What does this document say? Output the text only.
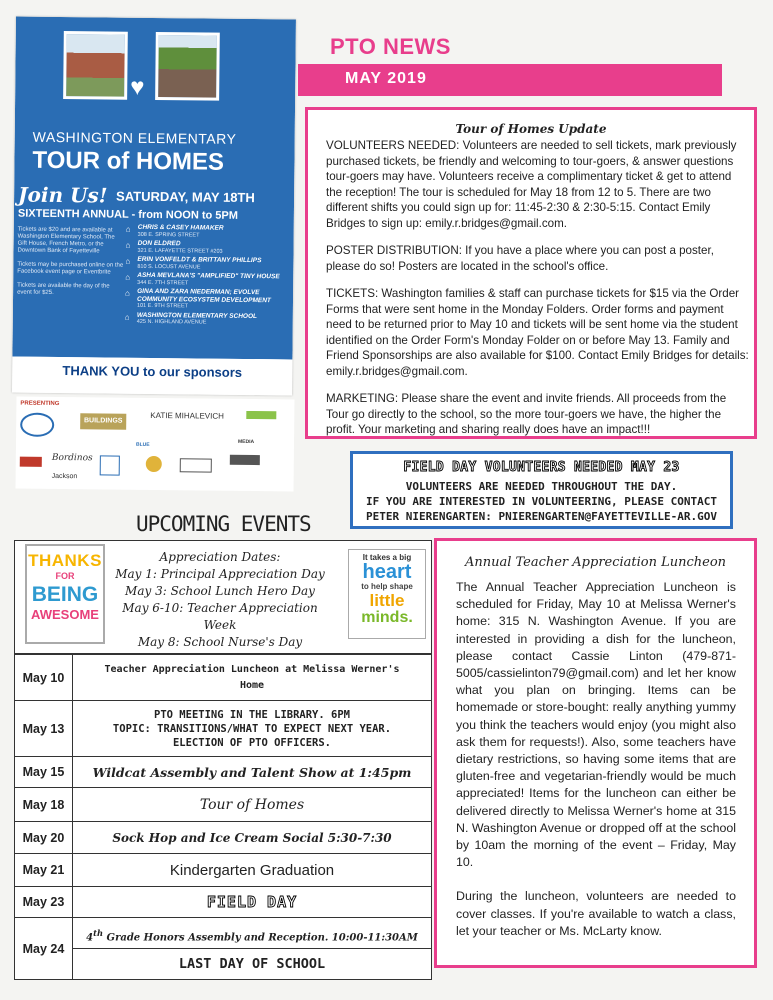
♥
WASHINGTON ELEMENTARY
TOUR of HOMES
Join Us! SATURDAY, MAY 18TH
SIXTEENTH ANNUAL - from NOON to 5PM
Tickets are $20 and are available at Washington Elementary School, The Gift House, French Metro, or the Downtown Bank of Fayetteville
Tickets may be purchased online on the Facebook event page or Eventbrite
Tickets are available the day of the event for $25.
⌂ CHRIS & CASEY HAMAKER
308 E. SPRING STREET
⌂ DON ELDRED
321 E. LAFAYETTE STREET #203
⌂ ERIN VONFELDT & BRITTANY PHILLIPS
810 S. LOCUST AVENUE
⌂ ASHA MEVLANA'S "AMPLIFIED" TINY HOUSE
344 E. 7TH STREET
⌂ GINA AND ZARA NIEDERMAN; EVOLVE COMMUNITY ECOSYSTEM DEVELOPMENT
101 E. 9TH STREET
⌂ WASHINGTON ELEMENTARY SCHOOL
425 N. HIGHLAND AVENUE
THANK YOU to our sponsors
PRESENTING
BUILDINGS
KATIE MIHALEVICH
BLUE	MEDIA
Bordinos
Jackson
PTO NEWS
MAY 2019
Tour of Homes Update

VOLUNTEERS NEEDED: Volunteers are needed to sell tickets, mark previously purchased tickets, be friendly and welcoming to tour-goers, & answer questions tour-goers may have. Volunteers receive a complimentary ticket & get to attend the reception! The tour is scheduled for May 18 from 12 to 5. There are two different shifts you could sign up for: 11:45-2:30 & 2:30-5:15. Contact Emily Bridges to sign up: emily.r.bridges@gmail.com.

POSTER DISTRIBUTION: If you have a place where you can post a poster, please do so! Posters are located in the school's office.

TICKETS: Washington families & staff can purchase tickets for $15 via the Order Forms that were sent home in the Monday Folders. Order forms and payment need to be returned prior to May 10 and tickets will be sent home via the student identified on the Order Form's Monday Folder on or before May 13. Family and Friend Sponsorships are also available for $100. Contact Emily Bridges for details: emily.r.bridges@gmail.com.

MARKETING: Please share the event and invite friends. All proceeds from the Tour go directly to the school, so the more tour-goers we have, the higher the profit. Your marketing and sharing really does have an impact!!!

FIELD DAY VOLUNTEERS NEEDED MAY 23
VOLUNTEERS ARE NEEDED THROUGHOUT THE DAY.
IF YOU ARE INTERESTED IN VOLUNTEERING, PLEASE CONTACT
PETER NIERENGARTEN: PNIERENGARTEN@FAYETTEVILLE-AR.GOV
UPCOMING EVENTS
THANKS
FOR
BEING
AWESOME
Appreciation Dates:
May 1: Principal Appreciation Day
May 3: School Lunch Hero Day
May 6-10: Teacher Appreciation Week
May 8: School Nurse's Day
It takes a big
heart
to help shape
little
minds.
May 10	Teacher Appreciation Luncheon at Melissa Werner's Home
May 13	PTO MEETING IN THE LIBRARY. 6PM
TOPIC: TRANSITIONS/WHAT TO EXPECT NEXT YEAR.
ELECTION OF PTO OFFICERS.

May 15	Wildcat Assembly and Talent Show at 1:45pm
May 18	Tour of Homes
May 20	Sock Hop and Ice Cream Social 5:30-7:30
May 21	Kindergarten Graduation
May 23	FIELD DAY
May 24	4th Grade Honors Assembly and Reception. 10:00-11:30AM
LAST DAY OF SCHOOL
Annual Teacher Appreciation Luncheon

The Annual Teacher Appreciation Luncheon is scheduled for Friday, May 10 at Melissa Werner's home: 315 N. Washington Avenue. If you are interested in providing a dish for the luncheon, please contact Cassie Linton (479-871-5005/cassielinton79@gmail.com) and let her know what you plan on bringing. Items can be homemade or store-bought: really anything yummy you think the teachers would enjoy (you might also ask them for requests!). Also, some teachers have dietary restrictions, so having some items that are gluten-free and vegetarian-friendly would be much appreciated! Items for the luncheon can either be delivered directly to Melissa Werner's home at 315 N. Washington Avenue or dropped off at the school by 10am the morning of the event – Friday, May 10.

During the luncheon, volunteers are needed to cover classes. If you're available to watch a class, let your teacher or Ms. McLarty know.
